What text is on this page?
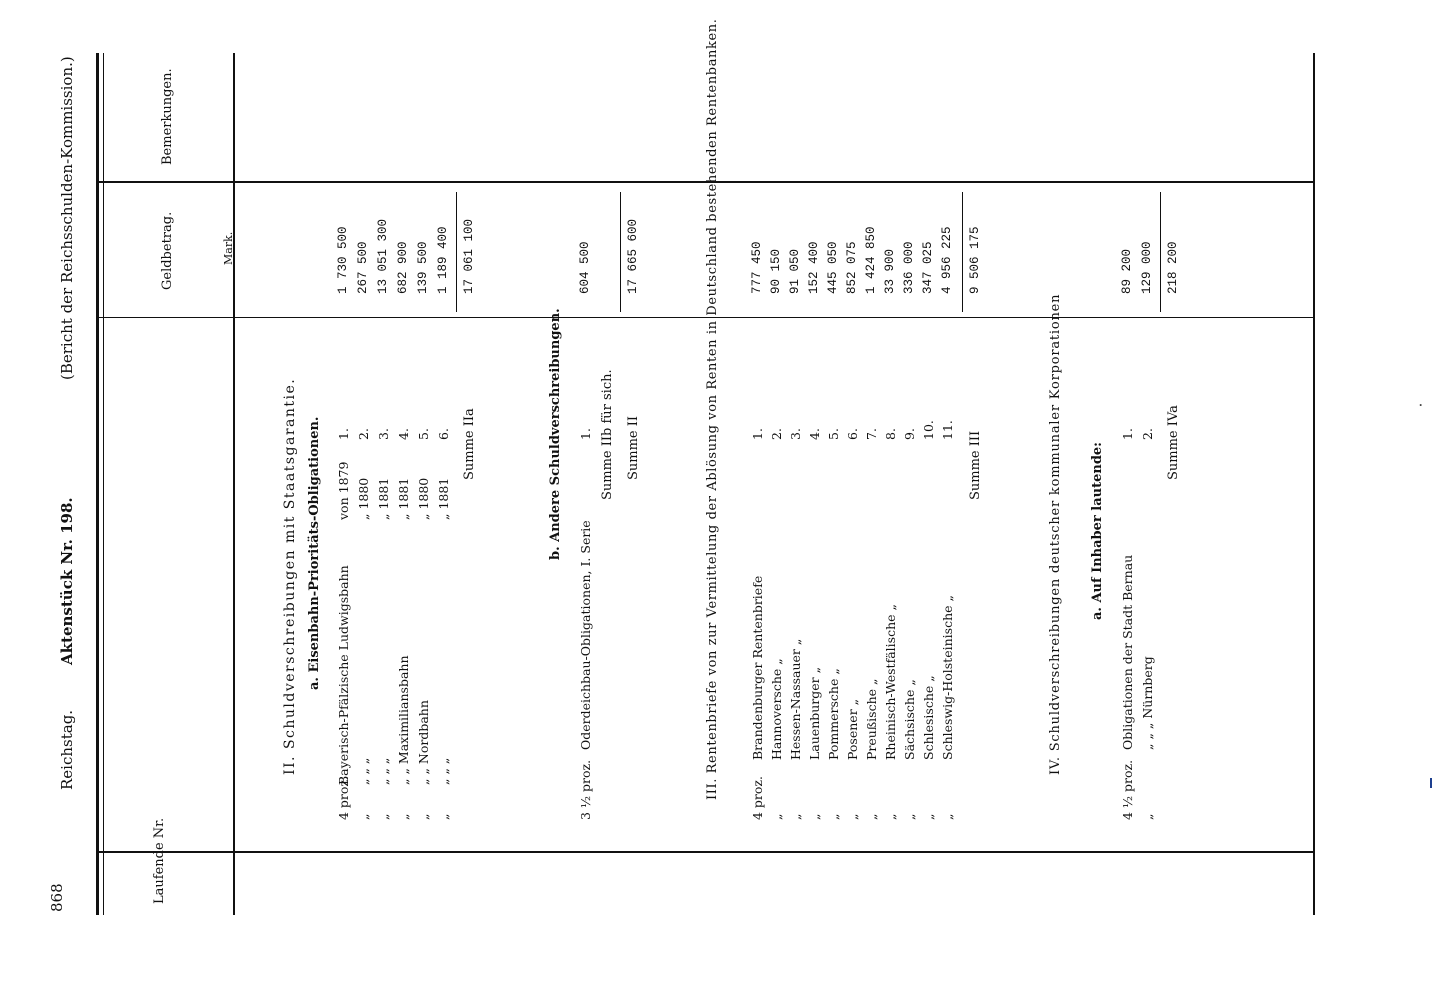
868
Reichstag.
Aktenstück Nr. 198.
(Bericht der Reichsschulden-Kommission.)
Laufende Nr.
Geldbetrag.	Mark.
Bemerkungen.
II. Schuldverschreibungen mit Staatsgarantie. a. Eisenbahn-Prioritäts-Obligationen. 1.
4 proz.
Bayerisch-Pfälzische Ludwigsbahn
von 1879
1 730 500
2.
„
„ „ „
„ 1880
267 500
3.
„
„ „ „
„ 1881
13 051 300
4.
„
„ „ Maximiliansbahn
„ 1881
682 900
5.
„
„ „ Nordbahn
„ 1880
139 500
6.
„
„ „ „
„ 1881
1 189 400
Summe IIa
17 061 100
b. Andere Schuldverschreibungen. 1.
3 ½ proz.
Oderdeichbau-Obligationen, I. Serie
604 500
Summe IIb für sich. Summe II
17 665 600	III. Rentenbriefe von zur Vermittelung der Ablösung von Renten in Deutschland bestehenden Rentenbanken. 1.
4 proz.
Brandenburger Rentenbriefe
777 450
2.
„
Hannoversche „
90 150
3.
„
Hessen-Nassauer „
91 050
4.
„
Lauenburger „
152 400
5.
„
Pommersche „
445 050
6.
„
Posener „
852 075
7.
„
Preußische „
1 424 850
8.
„
Rheinisch-Westfälische „
33 900
9.
„
Sächsische „
336 000
10.
„
Schlesische „
347 025
11.
„
Schleswig-Holsteinische „
4 956 225
Summe III
9 506 175
IV. Schuldverschreibungen deutscher kommunaler Korporationen a. Auf Inhaber lautende:
1.
4 ½ proz.
Obligationen der Stadt Bernau
89 200
2.
„
„ „ „ Nürnberg
129 000
Summe IVa
218 200
·
